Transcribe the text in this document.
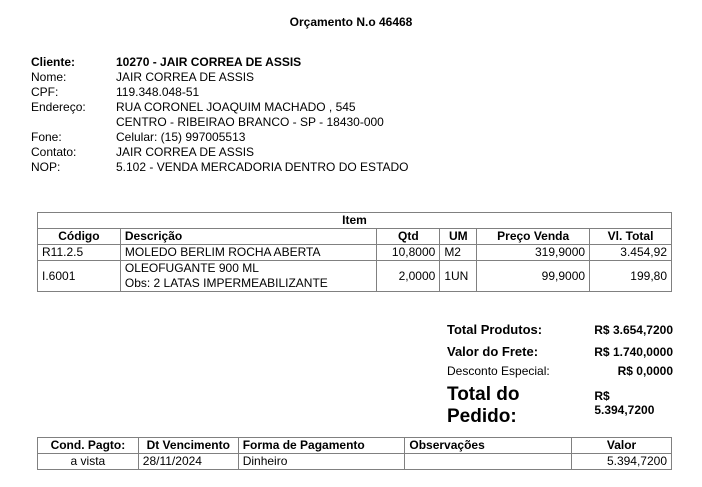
Orçamento N.o 46468
Cliente:	10270 - JAIR CORREA DE ASSIS
Nome:	JAIR CORREA DE ASSIS
CPF:	119.348.048-51
Endereço:	RUA CORONEL JOAQUIM MACHADO , 545
CENTRO - RIBEIRAO BRANCO - SP - 18430-000
Fone:	Celular: (15) 997005513
Contato:	JAIR CORREA DE ASSIS
NOP:	5.102 - VENDA MERCADORIA DENTRO DO ESTADO
Item					
Código	Descrição	Qtd	UM	Preço Venda	Vl. Total
R11.2.5	MOLEDO BERLIM ROCHA ABERTA	10,8000	M2	319,9000	3.454,92
I.6001	OLEOFUGANTE 900 ML
Obs: 2 LATAS IMPERMEABILIZANTE	2,0000	1UN	99,9000	199,80
Total Produtos:	R$ 3.654,7200
Valor do Frete:	R$ 1.740,0000
Desconto Especial:	R$ 0,0000
Total do Pedido:
R$ 5.394,7200
Cond. Pagto:	Dt Vencimento	Forma de Pagamento	Observações	Valor
a vista	28/11/2024	Dinheiro		5.394,7200
